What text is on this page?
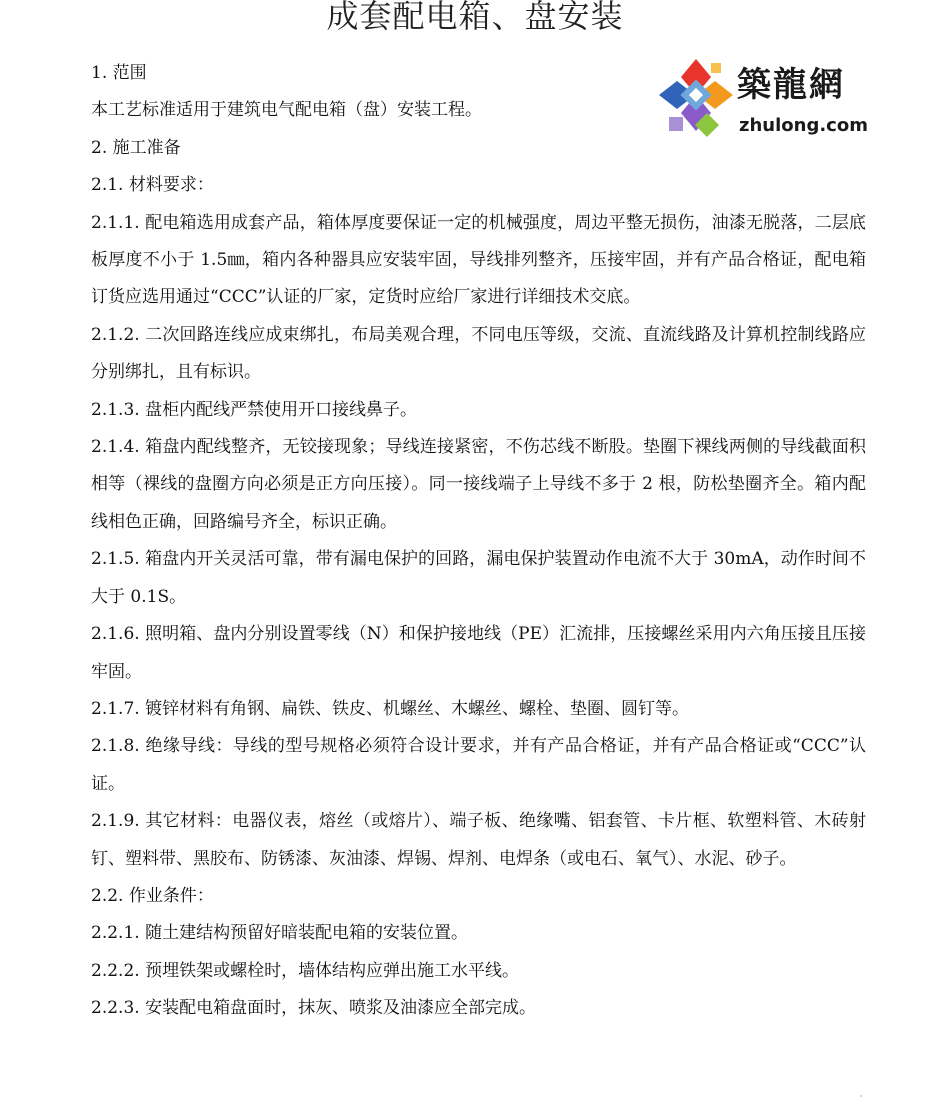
成套配电箱、盘安装
築龍網
zhulong.com

1. 范围

本工艺标准适用于建筑电气配电箱（盘）安装工程。

2. 施工准备

2.1. 材料要求：

2.1.1. 配电箱选用成套产品，箱体厚度要保证一定的机械强度，周边平整无损伤，油漆无脱落，二层底板厚度不小于 1.5㎜，箱内各种器具应安装牢固，导线排列整齐，压接牢固，并有产品合格证，配电箱订货应选用通过“CCC”认证的厂家，定货时应给厂家进行详细技术交底。

2.1.2. 二次回路连线应成束绑扎，布局美观合理，不同电压等级，交流、直流线路及计算机控制线路应分别绑扎，且有标识。

2.1.3. 盘柜内配线严禁使用开口接线鼻子。

2.1.4. 箱盘内配线整齐，无铰接现象；导线连接紧密，不伤芯线不断股。垫圈下裸线两侧的导线截面积相等（裸线的盘圈方向必须是正方向压接）。同一接线端子上导线不多于 2 根，防松垫圈齐全。箱内配线相色正确，回路编号齐全，标识正确。

2.1.5. 箱盘内开关灵活可靠，带有漏电保护的回路，漏电保护装置动作电流不大于 30mA，动作时间不大于 0.1S。

2.1.6. 照明箱、盘内分别设置零线（N）和保护接地线（PE）汇流排，压接螺丝采用内六角压接且压接牢固。

2.1.7. 镀锌材料有角钢、扁铁、铁皮、机螺丝、木螺丝、螺栓、垫圈、圆钉等。

2.1.8. 绝缘导线：导线的型号规格必须符合设计要求，并有产品合格证，并有产品合格证或“CCC”认证。

2.1.9. 其它材料：电器仪表，熔丝（或熔片）、端子板、绝缘嘴、铝套管、卡片框、软塑料管、木砖射钉、塑料带、黑胶布、防锈漆、灰油漆、焊锡、焊剂、电焊条（或电石、氧气）、水泥、砂子。

2.2. 作业条件：

2.2.1. 随土建结构预留好暗装配电箱的安装位置。

2.2.2. 预埋铁架或螺栓时，墙体结构应弹出施工水平线。

2.2.3. 安装配电箱盘面时，抹灰、喷浆及油漆应全部完成。

'
